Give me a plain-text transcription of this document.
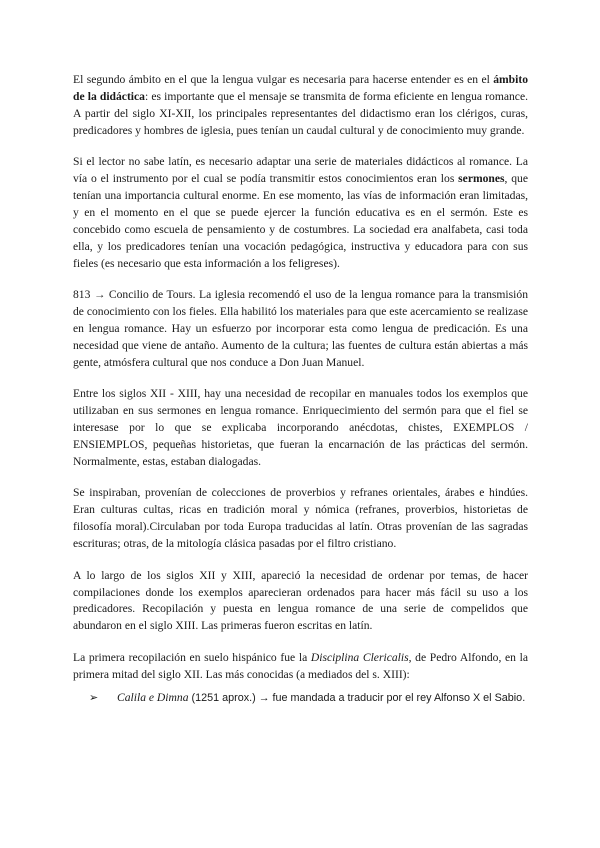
El segundo ámbito en el que la lengua vulgar es necesaria para hacerse entender es en el ámbito de la didáctica: es importante que el mensaje se transmita de forma eficiente en lengua romance. A partir del siglo XI-XII, los principales representantes del didactismo eran los clérigos, curas, predicadores y hombres de iglesia, pues tenían un caudal cultural y de conocimiento muy grande.

Si el lector no sabe latín, es necesario adaptar una serie de materiales didácticos al romance. La vía o el instrumento por el cual se podía transmitir estos conocimientos eran los sermones, que tenían una importancia cultural enorme. En ese momento, las vías de información eran limitadas, y en el momento en el que se puede ejercer la función educativa es en el sermón. Este es concebido como escuela de pensamiento y de costumbres. La sociedad era analfabeta, casi toda ella, y los predicadores tenían una vocación pedagógica, instructiva y educadora para con sus fieles (es necesario que esta información a los feligreses).

813 → Concilio de Tours. La iglesia recomendó el uso de la lengua romance para la transmisión de conocimiento con los fieles. Ella habilitó los materiales para que este acercamiento se realizase en lengua romance. Hay un esfuerzo por incorporar esta como lengua de predicación. Es una necesidad que viene de antaño. Aumento de la cultura; las fuentes de cultura están abiertas a más gente, atmósfera cultural que nos conduce a Don Juan Manuel.

Entre los siglos XII - XIII, hay una necesidad de recopilar en manuales todos los exemplos que utilizaban en sus sermones en lengua romance. Enriquecimiento del sermón para que el fiel se interesase por lo que se explicaba incorporando anécdotas, chistes, EXEMPLOS / ENSIEMPLOS, pequeñas historietas, que fueran la encarnación de las prácticas del sermón. Normalmente, estas, estaban dialogadas.

Se inspiraban, provenían de colecciones de proverbios y refranes orientales, árabes e hindúes. Eran culturas cultas, ricas en tradición moral y nómica (refranes, proverbios, historietas de filosofía moral).Circulaban por toda Europa traducidas al latín. Otras provenían de las sagradas escrituras; otras, de la mitología clásica pasadas por el filtro cristiano.

A lo largo de los siglos XII y XIII, apareció la necesidad de ordenar por temas, de hacer compilaciones donde los exemplos aparecieran ordenados para hacer más fácil su uso a los predicadores. Recopilación y puesta en lengua romance de una serie de compelidos que abundaron en el siglo XIII. Las primeras fueron escritas en latín.

La primera recopilación en suelo hispánico fue la Disciplina Clericalis, de Pedro Alfondo, en la primera mitad del siglo XII. Las más conocidas (a mediados del s. XIII):

➢	Calila e Dimna (1251 aprox.) → fue mandada a traducir por el rey Alfonso X el Sabio.
